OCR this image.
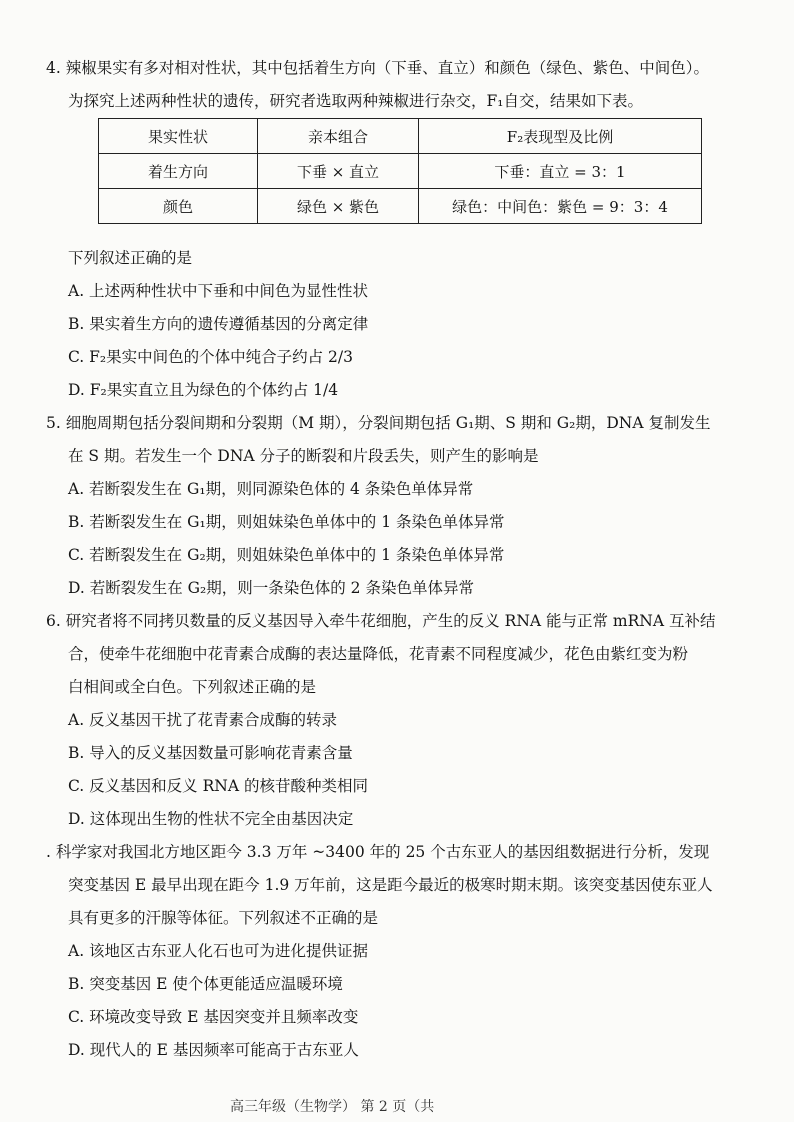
4. 辣椒果实有多对相对性状，其中包括着生方向（下垂、直立）和颜色（绿色、紫色、中间色）。
为探究上述两种性状的遗传，研究者选取两种辣椒进行杂交，F₁自交，结果如下表。
果实性状	亲本组合	F₂表现型及比例
着生方向	下垂 × 直立	下垂：直立 = 3：1
颜色	绿色 × 紫色	绿色：中间色：紫色 = 9：3：4
下列叙述正确的是
A. 上述两种性状中下垂和中间色为显性性状
B. 果实着生方向的遗传遵循基因的分离定律
C. F₂果实中间色的个体中纯合子约占 2/3
D. F₂果实直立且为绿色的个体约占 1/4
5. 细胞周期包括分裂间期和分裂期（M 期），分裂间期包括 G₁期、S 期和 G₂期，DNA 复制发生
在 S 期。若发生一个 DNA 分子的断裂和片段丢失，则产生的影响是
A. 若断裂发生在 G₁期，则同源染色体的 4 条染色单体异常
B. 若断裂发生在 G₁期，则姐妹染色单体中的 1 条染色单体异常
C. 若断裂发生在 G₂期，则姐妹染色单体中的 1 条染色单体异常
D. 若断裂发生在 G₂期，则一条染色体的 2 条染色单体异常
6. 研究者将不同拷贝数量的反义基因导入牵牛花细胞，产生的反义 RNA 能与正常 mRNA 互补结
合，使牵牛花细胞中花青素合成酶的表达量降低，花青素不同程度减少，花色由紫红变为粉
白相间或全白色。下列叙述正确的是
A. 反义基因干扰了花青素合成酶的转录
B. 导入的反义基因数量可影响花青素含量
C. 反义基因和反义 RNA 的核苷酸种类相同
D. 这体现出生物的性状不完全由基因决定
. 科学家对我国北方地区距今 3.3 万年 ~3400 年的 25 个古东亚人的基因组数据进行分析，发现
突变基因 E 最早出现在距今 1.9 万年前，这是距今最近的极寒时期末期。该突变基因使东亚人
具有更多的汗腺等体征。下列叙述不正确的是
A. 该地区古东亚人化石也可为进化提供证据
B. 突变基因 E 使个体更能适应温暖环境
C. 环境改变导致 E 基因突变并且频率改变
D. 现代人的 E 基因频率可能高于古东亚人
高三年级（生物学） 第 2 页（共
